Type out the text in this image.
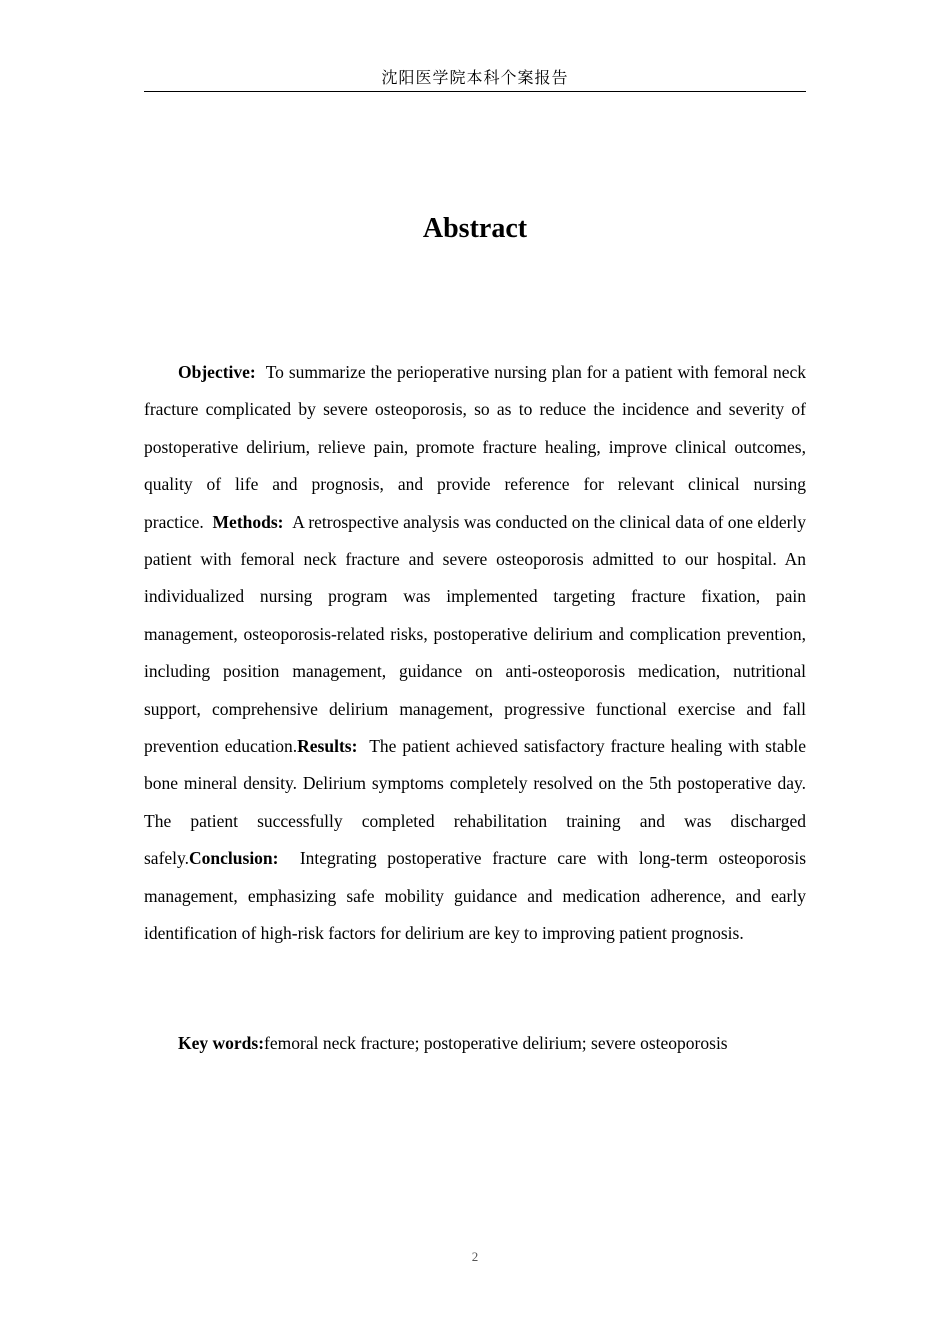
沈阳医学院本科个案报告
Abstract

Objective: To summarize the perioperative nursing plan for a patient with femoral neck fracture complicated by severe osteoporosis, so as to reduce the incidence and severity of postoperative delirium, relieve pain, promote fracture healing, improve clinical outcomes, quality of life and prognosis, and provide reference for relevant clinical nursing practice. Methods: A retrospective analysis was conducted on the clinical data of one elderly patient with femoral neck fracture and severe osteoporosis admitted to our hospital. An individualized nursing program was implemented targeting fracture fixation, pain management, osteoporosis-related risks, postoperative delirium and complication prevention, including position management, guidance on anti-osteoporosis medication, nutritional support, comprehensive delirium management, progressive functional exercise and fall prevention education.Results: The patient achieved satisfactory fracture healing with stable bone mineral density. Delirium symptoms completely resolved on the 5th postoperative day. The patient successfully completed rehabilitation training and was discharged safely.Conclusion: Integrating postoperative fracture care with long-term osteoporosis management, emphasizing safe mobility guidance and medication adherence, and early identification of high-risk factors for delirium are key to improving patient prognosis.

Key words:femoral neck fracture; postoperative delirium; severe osteoporosis

2
